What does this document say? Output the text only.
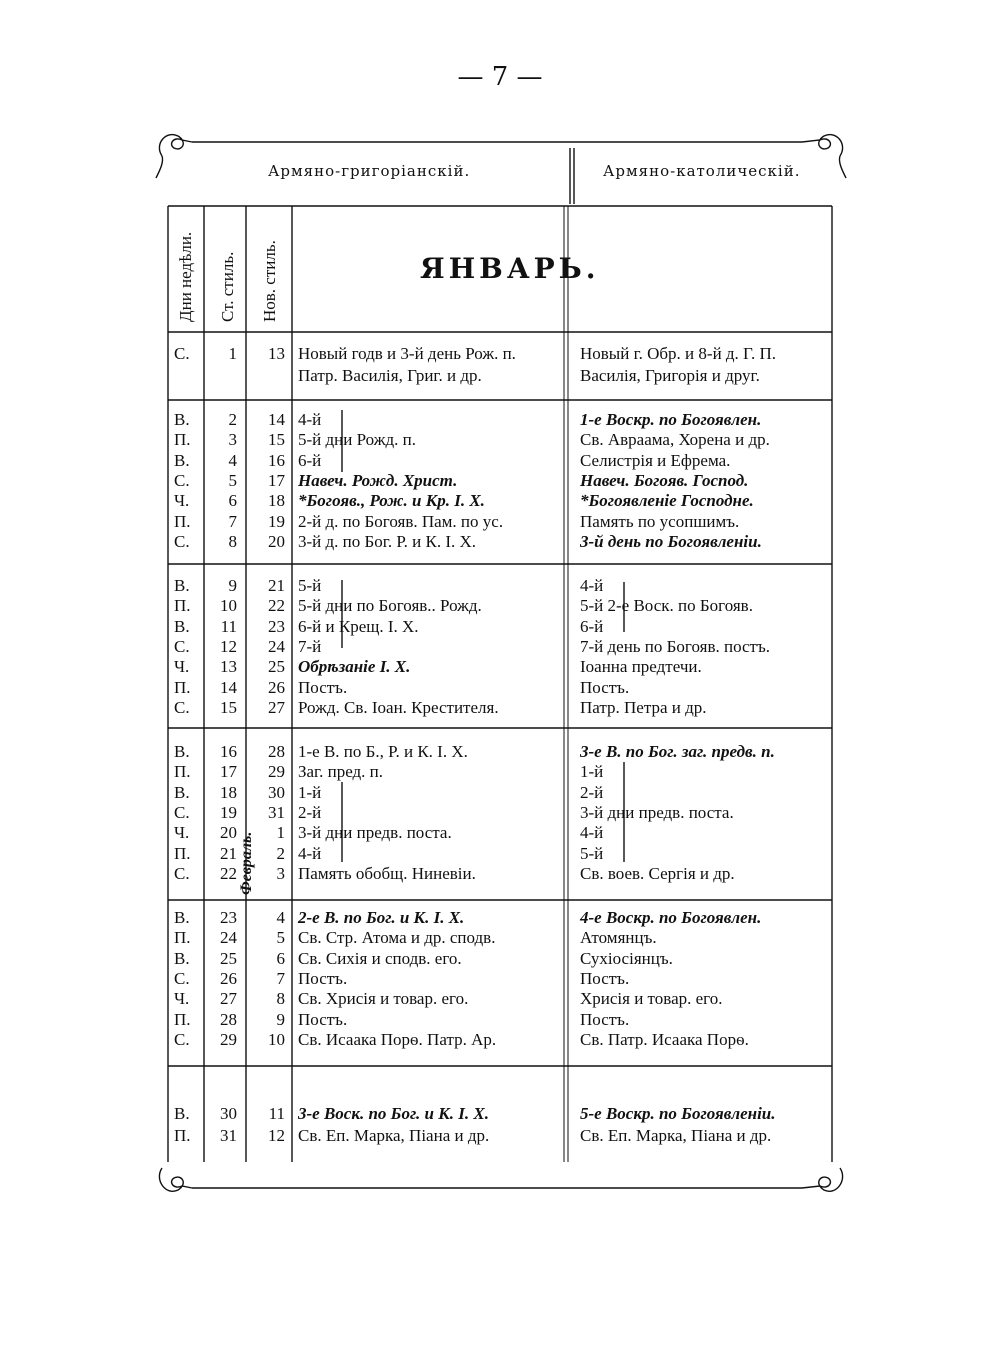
— 7 —
Армяно-григорiанскiй.	Армяно-католическiй.
Дни недѣли. Ст. стиль. Нов. стиль.	ЯНВАРЬ.
Февраль.
С. 1 13 Новый годв и 3-й день Рож. п.	Новый г. Обр. и 8-й д. Г. П.
Патр. Василiя, Григ. и др.	Василiя, Григорiя и друг.
В. 2 14 4-й	1-е Воскр. по Богоявлен.
П. 3 15 5-й дни Рожд. п.	Св. Авраама, Хорена и др.
В. 4 16 6-й	Селистрiя и Ефрема.
С. 5 17 Навеч. Рожд. Христ.	Навеч. Богояв. Господ.
Ч. 6 18 *Богояв., Рож. и Кр. I. Х.	*Богоявленiе Господне.
П. 7 19 2-й д. по Богояв. Пам. по ус.	Память по усопшимъ.
С. 8 20 3-й д. по Бог. Р. и К. I. Х.	3-й день по Богоявленiи.
В. 9 21 5-й	4-й
П. 10 22 5-й дни по Богояв.. Рожд.	5-й 2-е Воск. по Богояв.
В. 11 23 6-й и Крещ. I. Х.	6-й
С. 12 24 7-й	7-й день по Богояв. постъ.
Ч. 13 25 Обрѣзанiе I. Х.	Iоанна предтечи.
П. 14 26 Постъ.	Постъ.
С. 15 27 Рожд. Св. Iоан. Крестителя.	Патр. Петра и др.
В. 16 28 1-е В. по Б., Р. и К. I. Х.	3-е В. по Бог. заг. предв. п.
П. 17 29 Заг. пред. п.	1-й
В. 18 30 1-й	2-й
С. 19 31 2-й	3-й дни предв. поста.
Ч. 20 1 3-й дни предв. поста.	4-й
П. 21 2 4-й	5-й
С. 22 3 Память обобщ. Ниневiи.	Св. воев. Сергiя и др.
В. 23 4 2-е В. по Бог. и К. I. Х.	4-е Воскр. по Богоявлен.
П. 24 5 Св. Стр. Атома и др. сподв.	Атомянцъ.
В. 25 6 Св. Сихiя и сподв. его.	Сухiосiянцъ.
С. 26 7 Постъ.	Постъ.
Ч. 27 8 Св. Хрисiя и товар. его.	Хрисiя и товар. его.
П. 28 9 Постъ.	Постъ.
С. 29 10 Св. Исаака Порѳ. Патр. Ар.	Св. Патр. Исаака Порѳ.
В. 30 11 3-е Воск. по Бог. и К. I. Х.	5-е Воскр. по Богоявленiи.
П. 31 12 Св. Еп. Марка, Пiана и др.	Св. Еп. Марка, Пiана и др.
